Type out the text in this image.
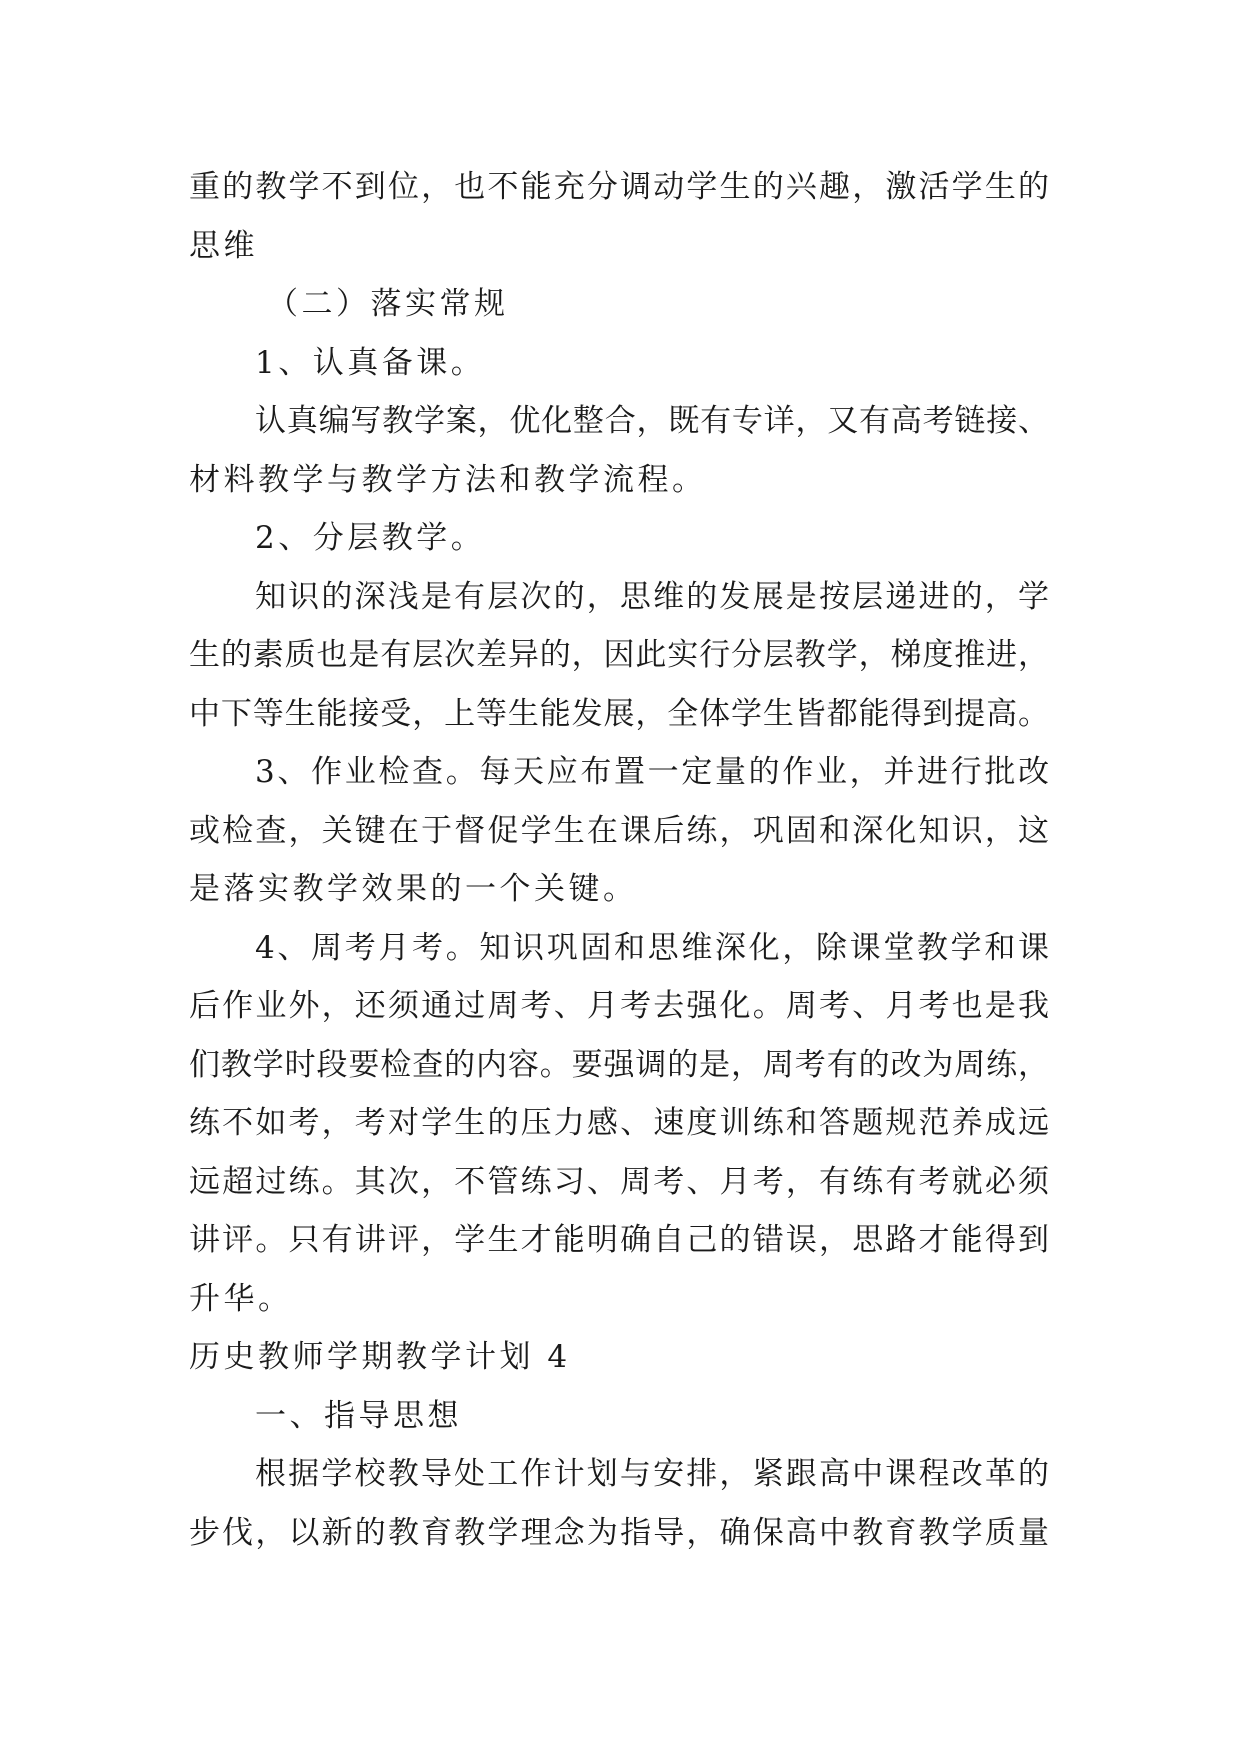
重的教学不到位，也不能充分调动学生的兴趣，激活学生的
思维
（二）落实常规
1、认真备课。
认真编写教学案，优化整合，既有专详，又有高考链接、
材料教学与教学方法和教学流程。
2、分层教学。
知识的深浅是有层次的，思维的发展是按层递进的，学
生的素质也是有层次差异的，因此实行分层教学，梯度推进，
中下等生能接受，上等生能发展，全体学生皆都能得到提高。
3、作业检查。每天应布置一定量的作业，并进行批改
或检查，关键在于督促学生在课后练，巩固和深化知识，这
是落实教学效果的一个关键。
4、周考月考。知识巩固和思维深化，除课堂教学和课
后作业外，还须通过周考、月考去强化。周考、月考也是我
们教学时段要检查的内容。要强调的是，周考有的改为周练，
练不如考，考对学生的压力感、速度训练和答题规范养成远
远超过练。其次，不管练习、周考、月考，有练有考就必须
讲评。只有讲评，学生才能明确自己的错误，思路才能得到
升华。
历史教师学期教学计划 4
一、指导思想
根据学校教导处工作计划与安排，紧跟高中课程改革的
步伐，以新的教育教学理念为指导，确保高中教育教学质量
